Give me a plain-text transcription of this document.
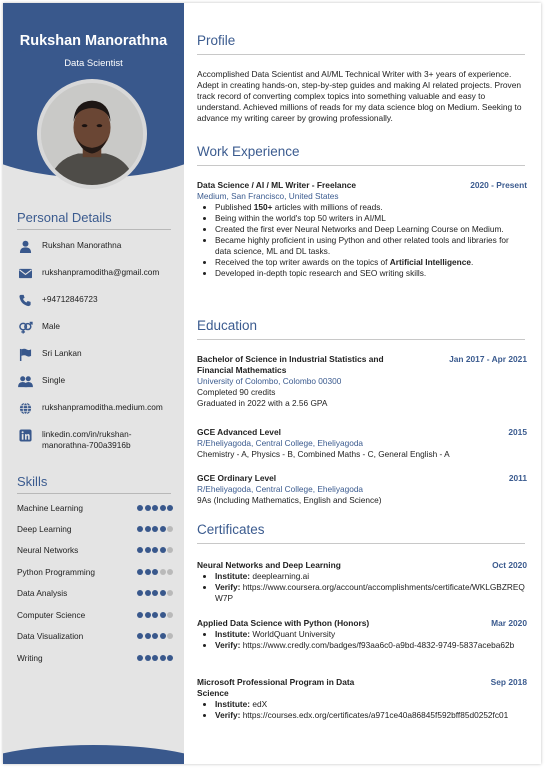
Rukshan Manorathna
Data Scientist
Personal Details
Rukshan Manorathna
rukshanpramoditha@gmail.com
+94712846723
Male
Sri Lankan
Single
rukshanpramoditha.medium.com
linkedin.com/in/rukshan-
manorathna-700a3916b
Skills
Machine Learning
Deep Learning
Neural Networks
Python Programming
Data Analysis
Computer Science
Data Visualization
Writing
Profile
Accomplished Data Scientist and AI/ML Technical Writer with 3+ years of experience. Adept in creating hands-on, step-by-step guides and making AI related projects. Proven track record of converting complex topics into something valuable and easy to understand. Achieved millions of reads for my data science blog on Medium. Seeking to advance my writing career by growing professionally.
Work Experience
Data Science / AI / ML Writer - Freelance	2020 - Present
Medium, San Francisco, United States
• Published 150+ articles with millions of reads.
• Being within the world's top 50 writers in AI/ML
• Created the first ever Neural Networks and Deep Learning Course on Medium.
• Became highly proficient in using Python and other related tools and libraries for data science, ML and DL tasks.
• Received the top writer awards on the topics of Artificial Intelligence.
• Developed in-depth topic research and SEO writing skills.
Education
Bachelor of Science in Industrial Statistics and Financial Mathematics
Jan 2017 - Apr 2021
University of Colombo, Colombo 00300
Completed 90 credits
Graduated in 2022 with a 2.56 GPA
GCE Advanced Level	2015
R/Eheliyagoda, Central College, Eheliyagoda
Chemistry - A, Physics - B, Combined Maths - C, General English - A
GCE Ordinary Level	2011
R/Eheliyagoda, Central College, Eheliyagoda
9As (Including Mathematics, English and Science)
Certificates
Neural Networks and Deep Learning	Oct 2020
• Institute: deeplearning.ai
• Verify: https://www.coursera.org/account/accomplishments/certificate/WKLGBZREQW7P
Applied Data Science with Python (Honors)	Mar 2020
• Institute: WorldQuant University
• Verify: https://www.credly.com/badges/f93aa6c0-a9bd-4832-9749-5837aceba62b
Microsoft Professional Program in Data Science
Sep 2018
• Institute: edX
• Verify: https://courses.edx.org/certificates/a971ce40a86845f592bff85d0252fc01
